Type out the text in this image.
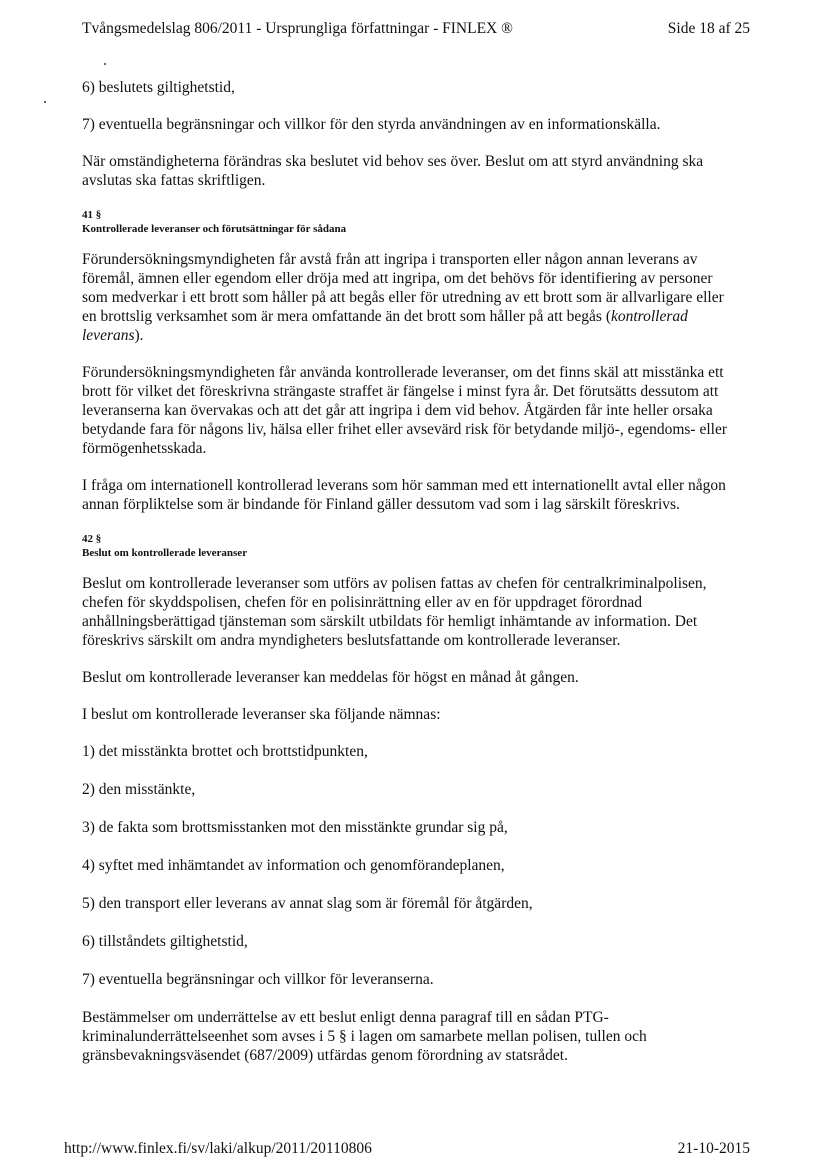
Tvångsmedelslag 806/2011 - Ursprungliga författningar - FINLEX ®	Side 18 af 25

6) beslutets giltighetstid,

7) eventuella begränsningar och villkor för den styrda användningen av en informationskälla.

När omständigheterna förändras ska beslutet vid behov ses över. Beslut om att styrd användning ska avslutas ska fattas skriftligen.

41 §

Kontrollerade leveranser och förutsättningar för sådana

Förundersökningsmyndigheten får avstå från att ingripa i transporten eller någon annan leverans av föremål, ämnen eller egendom eller dröja med att ingripa, om det behövs för identifiering av personer som medverkar i ett brott som håller på att begås eller för utredning av ett brott som är allvarligare eller en brottslig verksamhet som är mera omfattande än det brott som håller på att begås (kontrollerad leverans).

Förundersökningsmyndigheten får använda kontrollerade leveranser, om det finns skäl att misstänka ett brott för vilket det föreskrivna strängaste straffet är fängelse i minst fyra år. Det förutsätts dessutom att leveranserna kan övervakas och att det går att ingripa i dem vid behov. Åtgärden får inte heller orsaka betydande fara för någons liv, hälsa eller frihet eller avsevärd risk för betydande miljö-, egendoms- eller förmögenhetsskada.

I fråga om internationell kontrollerad leverans som hör samman med ett internationellt avtal eller någon annan förpliktelse som är bindande för Finland gäller dessutom vad som i lag särskilt föreskrivs.

42 §

Beslut om kontrollerade leveranser

Beslut om kontrollerade leveranser som utförs av polisen fattas av chefen för centralkriminalpolisen, chefen för skyddspolisen, chefen för en polisinrättning eller av en för uppdraget förordnad anhållningsberättigad tjänsteman som särskilt utbildats för hemligt inhämtande av information. Det föreskrivs särskilt om andra myndigheters beslutsfattande om kontrollerade leveranser.

Beslut om kontrollerade leveranser kan meddelas för högst en månad åt gången.

I beslut om kontrollerade leveranser ska följande nämnas:

1) det misstänkta brottet och brottstidpunkten,

2) den misstänkte,

3) de fakta som brottsmisstanken mot den misstänkte grundar sig på,

4) syftet med inhämtandet av information och genomförandeplanen,

5) den transport eller leverans av annat slag som är föremål för åtgärden,

6) tillståndets giltighetstid,

7) eventuella begränsningar och villkor för leveranserna.

Bestämmelser om underrättelse av ett beslut enligt denna paragraf till en sådan PTG-kriminalunderrättelseenhet som avses i 5 § i lagen om samarbete mellan polisen, tullen och gränsbevakningsväsendet (687/2009) utfärdas genom förordning av statsrådet.

http://www.finlex.fi/sv/laki/alkup/2011/20110806	21-10-2015
